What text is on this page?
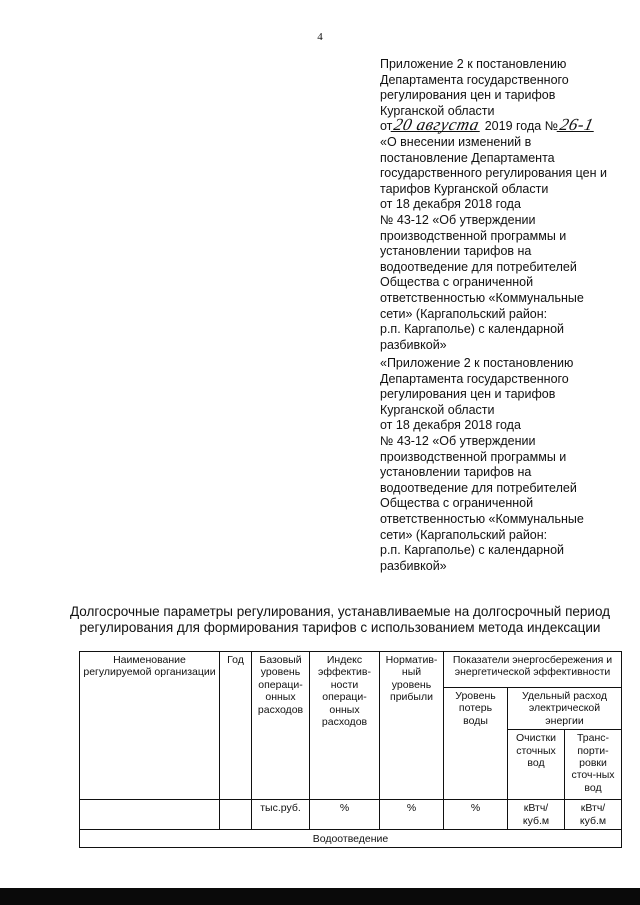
4
Приложение 2 к постановлению
Департамента государственного
регулирования цен и тарифов
Курганской области
от20 августа 2019 года №26-1
«О внесении изменений в
постановление Департамента
государственного регулирования цен и
тарифов Курганской области
от 18 декабря 2018 года
№ 43-12 «Об утверждении
производственной программы и
установлении тарифов на
водоотведение для потребителей
Общества с ограниченной
ответственностью «Коммунальные
сети» (Каргапольский район:
р.п. Каргаполье) с календарной
разбивкой»
«Приложение 2 к постановлению
Департамента государственного
регулирования цен и тарифов
Курганской области
от 18 декабря 2018 года
№ 43-12 «Об утверждении
производственной программы и
установлении тарифов на
водоотведение для потребителей
Общества с ограниченной
ответственностью «Коммунальные
сети» (Каргапольский район:
р.п. Каргаполье) с календарной
разбивкой»
Долгосрочные параметры регулирования, устанавливаемые на долгосрочный период
регулирования для формирования тарифов с использованием метода индексации
Наименование регулируемой организации	Год	Базовый уровень операци-онных расходов	Индекс эффектив-ности операци-онных расходов	Норматив-ный уровень прибыли	Показатели энергосбережения и энергетической эффективности		
					Уровень потерь воды	Удельный расход электрической энергии	
						Очистки сточных вод	Транс-порти-ровки сточ-ных вод

		тыс.руб.	%	%	%	кВтч/ куб.м	кВтч/ куб.м
Водоотведение							
